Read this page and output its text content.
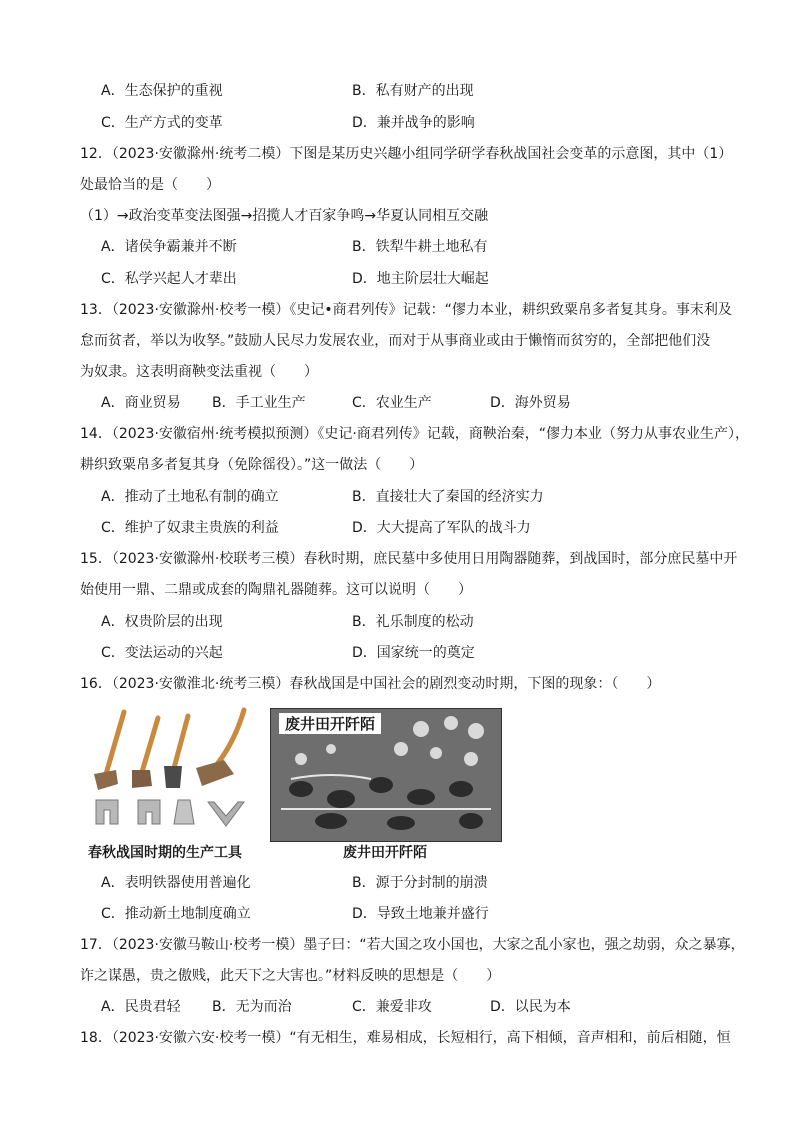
A．生态保护的重视	B．私有财产的出现
C．生产方式的变革	D．兼并战争的影响
12．（2023·安徽滁州·统考二模）下图是某历史兴趣小组同学研学春秋战国社会变革的示意图，其中（1）
处最恰当的是（　　）
（1）→政治变革变法图强→招揽人才百家争鸣→华夏认同相互交融
A．诸侯争霸兼并不断	B．铁犁牛耕土地私有
C．私学兴起人才辈出	D．地主阶层壮大崛起
13．（2023·安徽滁州·校考一模）《史记•商君列传》记载：“僇力本业，耕织致粟帛多者复其身。事末利及
怠而贫者，举以为收孥。”鼓励人民尽力发展农业，而对于从事商业或由于懒惰而贫穷的，全部把他们没
为奴隶。这表明商鞅变法重视（　　）
A．商业贸易 B．手工业生产	C．农业生产	D．海外贸易
14．（2023·安徽宿州·统考模拟预测）《史记·商君列传》记载，商鞅治秦，“僇力本业（努力从事农业生产），
耕织致粟帛多者复其身（免除徭役）。”这一做法（　　）
A．推动了土地私有制的确立	B．直接壮大了秦国的经济实力
C．维护了奴隶主贵族的利益	D．大大提高了军队的战斗力
15．（2023·安徽滁州·校联考三模）春秋时期，庶民墓中多使用日用陶器随葬，到战国时，部分庶民墓中开
始使用一鼎、二鼎或成套的陶鼎礼器随葬。这可以说明（　　）
A．权贵阶层的出现	B．礼乐制度的松动
C．变法运动的兴起	D．国家统一的奠定
16．（2023·安徽淮北·统考三模）春秋战国是中国社会的剧烈变动时期，下图的现象：（　　）
废井田开阡陌
春秋战国时期的生产工具	废井田开阡陌
A．表明铁器使用普遍化	B．源于分封制的崩溃
C．推动新土地制度确立	D．导致土地兼并盛行
17．（2023·安徽马鞍山·校考一模）墨子曰：“若大国之攻小国也，大家之乱小家也，强之劫弱，众之暴寡，
诈之谋愚，贵之傲贱，此天下之大害也。”材料反映的思想是（　　）
A．民贵君轻 B．无为而治	C．兼爱非攻	D．以民为本
18．（2023·安徽六安·校考一模）“有无相生，难易相成，长短相行，高下相倾，音声相和，前后相随，恒
